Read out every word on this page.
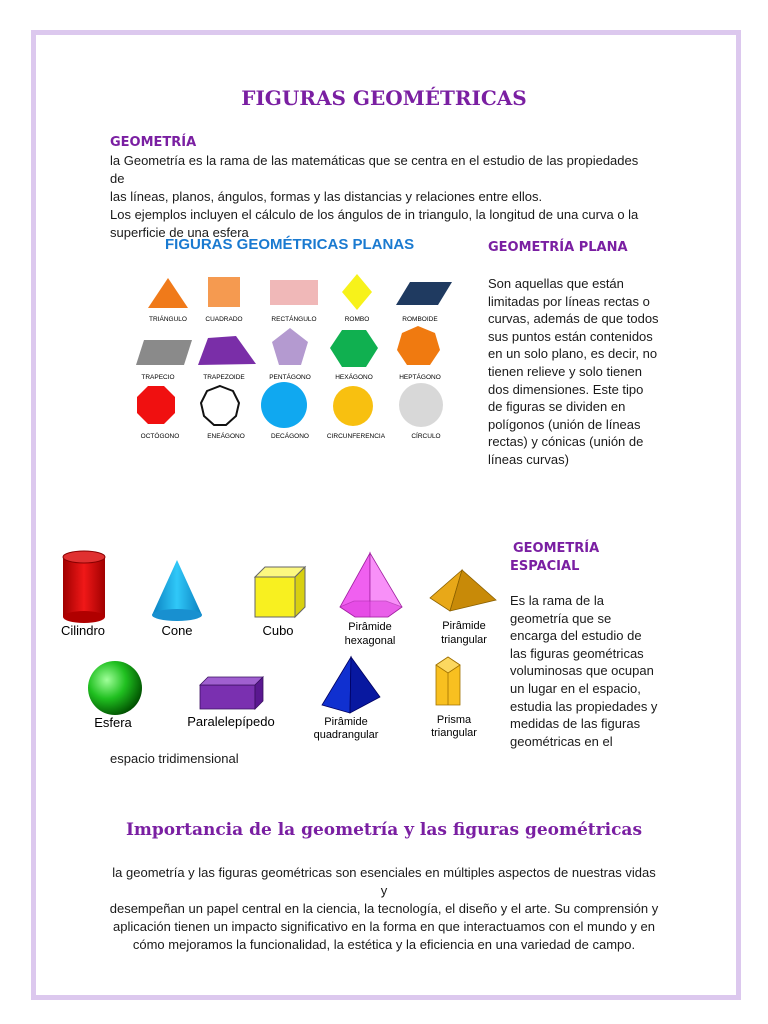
FIGURAS GEOMÉTRICAS
GEOMETRÍA
la Geometría es la rama de las matemáticas que se centra en el estudio de las propiedades de
las líneas, planos, ángulos, formas y las distancias y relaciones entre ellos.
Los ejemplos incluyen el cálculo de los ángulos de in triangulo, la longitud de una curva o la
superficie de una esfera
FIGURAS GEOMÉTRICAS PLANAS
TRIÁNGULO	CUADRADO	RECTÁNGULO	ROMBO	ROMBOIDE
TRAPECIO	TRAPEZOIDE	PENTÁGONO	HEXÁGONO	HEPTÁGONO
OCTÓGONO	ENEÁGONO	DECÁGONO	CIRCUNFERENCIA	CÍRCULO
GEOMETRÍA PLANA
Son aquellas que están
limitadas por líneas rectas o
curvas, además de que todos
sus puntos están contenidos
en un solo plano, es decir, no
tienen relieve y solo tienen
dos dimensiones. Este tipo
de figuras se dividen en
polígonos (unión de líneas
rectas) y cónicas (unión de
líneas curvas)
Cilindro	Cone	Cubo	Pirâmide
hexagonal
Pirâmide
triangular
Esfera	Paralelepípedo	Pirâmide
quadrangular
Prisma
triangular
GEOMETRÍA
ESPACIAL
Es la rama de la
geometría que se
encarga del estudio de
las figuras geométricas
voluminosas que ocupan
un lugar en el espacio,
estudia las propiedades y
medidas de las figuras
geométricas en el
espacio tridimensional
Importancia de la geometría y las figuras geométricas
la geometría y las figuras geométricas son esenciales en múltiples aspectos de nuestras vidas y
desempeñan un papel central en la ciencia, la tecnología, el diseño y el arte. Su comprensión y
aplicación tienen un impacto significativo en la forma en que interactuamos con el mundo y en
cómo mejoramos la funcionalidad, la estética y la eficiencia en una variedad de campo.
